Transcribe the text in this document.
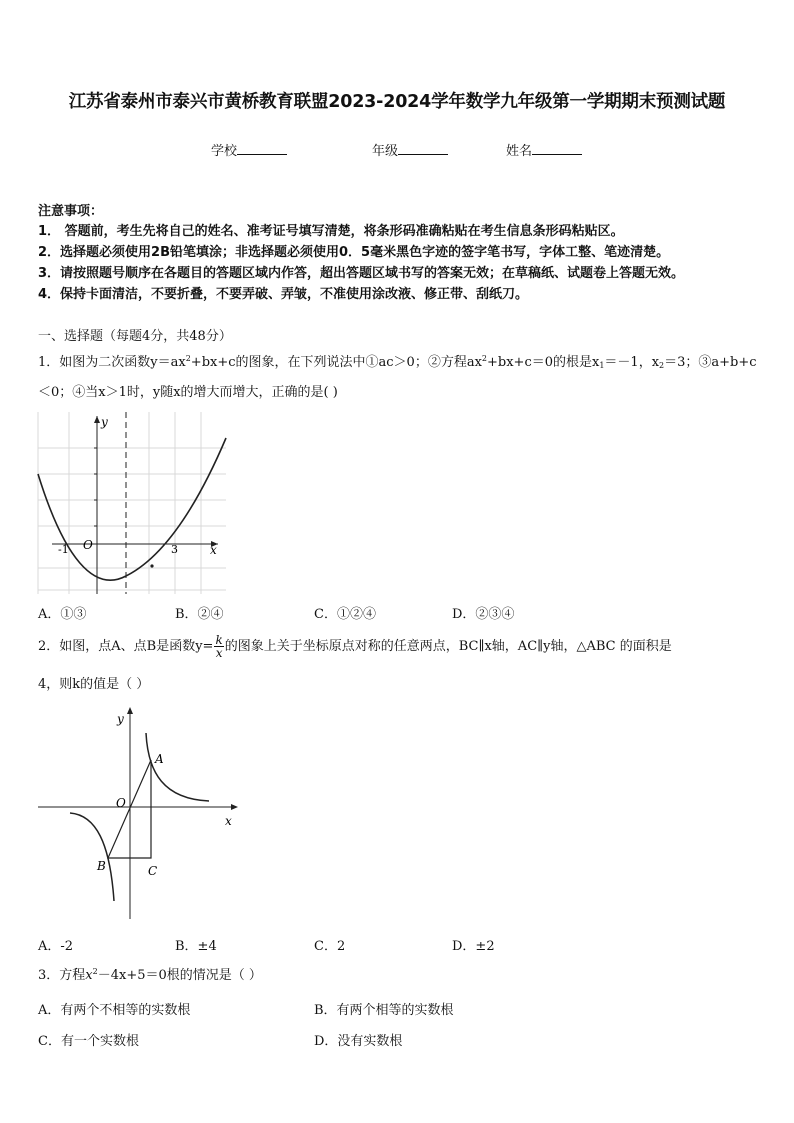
江苏省泰州市泰兴市黄桥教育联盟2023-2024学年数学九年级第一学期期末预测试题
学校	年级	姓名
注意事项：
1． 答题前，考生先将自己的姓名、准考证号填写清楚，将条形码准确粘贴在考生信息条形码粘贴区。
2．选择题必须使用2B铅笔填涂；非选择题必须使用0．5毫米黑色字迹的签字笔书写，字体工整、笔迹清楚。
3．请按照题号顺序在各题目的答题区域内作答，超出答题区域书写的答案无效；在草稿纸、试题卷上答题无效。
4．保持卡面清洁，不要折叠，不要弄破、弄皱，不准使用涂改液、修正带、刮纸刀。
一、选择题（每题4分，共48分）
1．如图为二次函数$y=ax^2+bx+c$的图象，在下列说法中①ac＞0；②方程$ax^2+bx+c=0$的根是$x_1=-1$，$x_2=3$；③a+b+c
＜0；④当x＞1时，y随x的增大而增大，正确的是( )
y
x
O
-1	3
A．①③	B．②④	C．①②④	D．②③④
2．如图，点A、点B是函数$y= \frac{k}{x}$ 的图象上关于坐标原点对称的任意两点，BC∥x轴，AC∥y轴，△ABC 的面积是
4，则k的值是（ ）
y
x
O
A
B	C
A．-2	B．±4	C．2	D．±2
3．方程$x^2-4x+5=0$根的情况是（ ）
A．有两个不相等的实数根	B．有两个相等的实数根
C．有一个实数根	D．没有实数根
